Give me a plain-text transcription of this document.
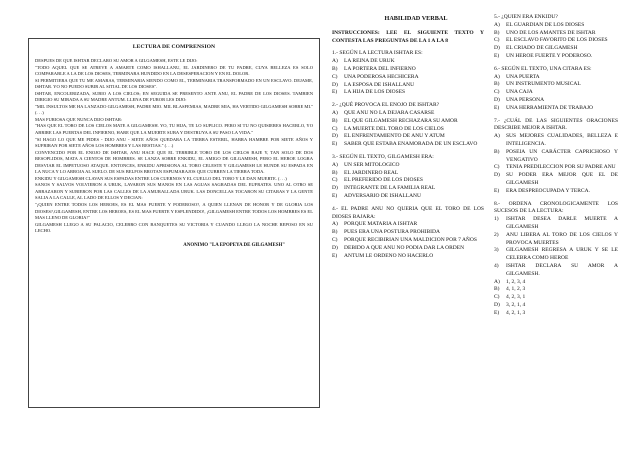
LECTURA DE COMPRENSION

DESPUES DE QUE ISHTAR DECLARO SU AMOR A GILGAMESH, ESTE LE DIJO:

"TODO AQUEL QUE SE ATREVE A AMARTE COMO ISHALLANU, EL JARDINERO DE TU PADRE, CUYA BELLEZA ES SOLO COMPARABLE A LA DE LOS DIOSES, TERMINARA HUNDIDO EN LA DESESPERACION Y EN EL DOLOR.

SI PERMITIERA QUE TU ME AMARAS, TERMINARIA SIENDO COMO EL, TERMINARIA TRANSFORMADO EN UN ESCLAVO. DEJAME, ISHTAR. YO NO PUEDO SUBIR AL SITIAL DE LOS DIOSES".

ISHTAR, ENCOLERIZADA, SUBIO A LOS CIELOS; EN SEGUIDA SE PRESENTO ANTE ANU, EL PADRE DE LOS DIOSES. TAMBIEN DIRIGIO SU MIRADA A SU MADRE ANTUM. LLENA DE FUROR LES DIJO:

"MIL INSULTOS ME HA LANZADO GILGAMESH, PADRE MIO. MIL BLASFEMIAS, MADRE MIA, HA VERTIDO GILGAMESH SOBRE MI." (. . .)

MAS FURIOSA QUE NUNCA DIJO ISHTAR:

"HAS QUE EL TORO DE LOS CIELOS MATE A GILGAMESH. YO, TU HIJA, TE LO SUPLICO. PERO SI TU NO QUISIERES HACERLO, YO ABRIRE LAS PUERTAS DEL INFIERNO, HARE QUE LA MUERTE SUBA Y DESTRUYA A SU PASO LA VIDA."

"SI HAGO LO QUE ME PIDES - DIJO ANU - SIETE AÑOS QUEDARA LA TIERRA ESTERIL, HABRA HAMBRE POR SIETE AÑOS Y SUFRIRAN POR SIETE AÑOS LOS HOMBRES Y LAS BESTIAS." (. . .)

CONVENCIDO POR EL ENOJO DE ISHTAR, ANU HACE QUE EL TERRIBLE TORO DE LOS CIELOS BAJE Y, TAN SOLO DE DOS RESOPLIDOS, MATA A CIENTOS DE HOMBRES. SE LANZA SOBRE ENKIDU, EL AMIGO DE GILGAMESH, PERO EL HEROE LOGRA DESVIAR EL IMPETUOSO ATAQUE. ENTONCES, ENKIDU APRISIONA AL TORO CELESTE Y GILGAMESH LE HUNDE SU ESPADA EN LA NUCA Y LO ARROJA AL SUELO. DE SUS BELFOS BROTAN ESPUMARAJOS QUE CUBREN LA TIERRA TODA.

ENKIDU Y GILGAMESH CLAVAN SUS ESPADAS ENTRE LOS CUERNOS Y EL CUELLO DEL TORO Y LE DAN MUERTE. (. . .)

SANOS Y SALVOS VOLVIERON A URUK, LAVARON SUS MANOS EN LAS AGUAS SAGRADAS DEL EUFRATES. UNO AL OTRO SE ABRAZARON Y SUBIERON POR LAS CALLES DE LA AMURALLADA URUK. LAS DONCELLAS TOCARON SU CITARAS Y LA GENTE SALIA A LA CALLE, AL LADO DE ELLOS Y DECIAN:

"¡QUIEN ENTRE TODOS LOS HEROES, ES EL MAS FUERTE Y PODEROSO?, A QUIEN LLENAN DE HONOR Y DE GLORIA LOS DIOSES?,GILGAMESH, ENTRE LOS HEROES, ES EL MAS FUERTE Y ESPLENDIDO!, ¡GILGAMESH ENTRE TODOS LOS HOMBRES ES EL MAS LLENO DE GLORIA!"

GILGAMESH LLEGO A SU PALACIO, CELEBRO CON BANQUETES SU VICTORIA Y CUANDO LLEGO LA NOCHE REPOSO EN SU LECHO.

ANONIMO "LA EPOPEYA DE GILGAMESH"
HABILIDAD VERBAL
INSTRUCCIONES: LEE EL SIGUIENTE TEXTO Y CONTESTA LAS PREGUNTAS DE LA 1 A LA 8
1.- SEGÚN LA LECTURA ISHTAR ES:
A)	LA REINA DE URUK
B)	LA PORTERA DEL INFIERNO
C)	UNA PODEROSA HECHICERA
D)	LA ESPOSA DE ISHALLANU
E)	LA HIJA DE LOS DIOSES
2.- ¿QUÉ PROVOCA EL ENOJO DE ISHTAR?
A)	QUE ANU NO LA DEJARA CASARSE
B)	EL QUE GILGAMESH RECHAZARA SU AMOR
C)	LA MUERTE DEL TORO DE LOS CIELOS
D)	EL ENFRENTAMIENTO DE ANU Y ATUM
E)	SABER QUE ESTABA ENAMORADA DE UN ESCLAVO
3.- SEGÚN EL TEXTO, GILGAMESH ERA:
A)	UN SER MITOLOGICO
B)	EL JARDINERO REAL
C)	EL PREFERIDO DE LOS DIOSES
D)	INTEGRANTE DE LA FAMILIA REAL
E)	ADVERSARIO DE ISHALLANU
4.- EL PADRE ANU NO QUERIA QUE EL TORO DE LOS DIOSES BAJARA:
A)	PORQUE MATARIA A ISHTAR
B)	PUES ERA UNA POSTURA PROHIBIDA
C)	PORQUE RECIBIRIAN UNA MALDICION POR 7 AÑOS
D)	DEBIDO A QUE ANU NO PODIA DAR LA ORDEN
E)	ANTUM LE ORDENO NO HACERLO
5.- ¿QUIÉN ERA ENKIDU?
A)	EL GUARDIAN DE LOS DIOSES
B)	UNO DE LOS AMANTES DE ISHTAR
C)	EL ESCLAVO FAVORITO DE LOS DIOSES
D)	EL CRIADO DE GILGAMESH
E)	UN HEROE FUERTE Y PODEROSO.
6.- SEGÚN EL TEXTO, UNA CITARA ES:
A)	UNA PUERTA
B)	UN INSTRUMENTO MUSICAL
C)	UNA CAJA
D)	UNA PERSONA
E)	UNA HERRAMIENTA DE TRABAJO
7.- ¿CUÁL DE LAS SIGUIENTES ORACIONES DESCRIBE MEJOR A ISHTAR.
A)	SUS MEJORES CUALIDADES, BELLEZA E INTELIGENCIA.
B)	POSEIA UN CARÁCTER CAPRICHOSO Y VENGATIVO
C)	TENIA PREDILECCION POR SU PADRE ANU
D)	SU PODER ERA MEJOR QUE EL DE GILGAMESH
E)	ERA DESPREOCUPADA Y TERCA.
8.- ORDENA CRONOLOGICAMENTE LOS SUCESOS DE LA LECTURA:
1)	ISHTAR DESEA DARLE MUERTE A GILGAMESH
2)	ANU LIBERA AL TORO DE LOS CIELOS Y PROVOCA MUERTES
3)	GILGAMESH REGRESA A URUK Y SE LE CELEBRA COMO HEROE
4)	ISHTAR DECLARA SU AMOR A GILGAMESH.
A)	1, 2, 3, 4
B)	4, 1, 2, 3
C)	4, 2, 3, 1
D)	3, 2, 1, 4
E)	4, 2, 1, 3
